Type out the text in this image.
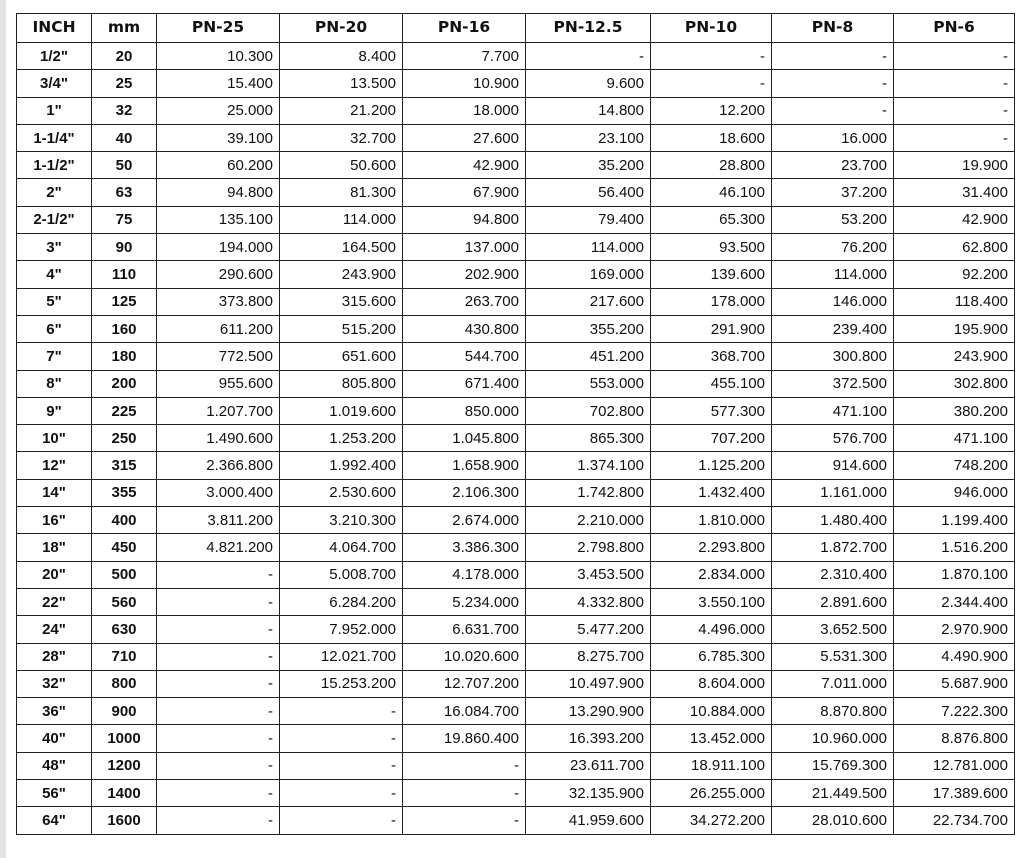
INCH	mm	PN-25	PN-20	PN-16	PN-12.5	PN-10	PN-8	PN-6
1/2"	20	10.300	8.400	7.700	-	-	-	-
3/4"	25	15.400	13.500	10.900	9.600	-	-	-
1"	32	25.000	21.200	18.000	14.800	12.200	-	-
1-1/4"	40	39.100	32.700	27.600	23.100	18.600	16.000	-
1-1/2"	50	60.200	50.600	42.900	35.200	28.800	23.700	19.900
2"	63	94.800	81.300	67.900	56.400	46.100	37.200	31.400
2-1/2"	75	135.100	114.000	94.800	79.400	65.300	53.200	42.900
3"	90	194.000	164.500	137.000	114.000	93.500	76.200	62.800
4"	110	290.600	243.900	202.900	169.000	139.600	114.000	92.200
5"	125	373.800	315.600	263.700	217.600	178.000	146.000	118.400
6"	160	611.200	515.200	430.800	355.200	291.900	239.400	195.900
7"	180	772.500	651.600	544.700	451.200	368.700	300.800	243.900
8"	200	955.600	805.800	671.400	553.000	455.100	372.500	302.800
9"	225	1.207.700	1.019.600	850.000	702.800	577.300	471.100	380.200
10"	250	1.490.600	1.253.200	1.045.800	865.300	707.200	576.700	471.100
12"	315	2.366.800	1.992.400	1.658.900	1.374.100	1.125.200	914.600	748.200
14"	355	3.000.400	2.530.600	2.106.300	1.742.800	1.432.400	1.161.000	946.000
16"	400	3.811.200	3.210.300	2.674.000	2.210.000	1.810.000	1.480.400	1.199.400
18"	450	4.821.200	4.064.700	3.386.300	2.798.800	2.293.800	1.872.700	1.516.200
20"	500	-	5.008.700	4.178.000	3.453.500	2.834.000	2.310.400	1.870.100
22"	560	-	6.284.200	5.234.000	4.332.800	3.550.100	2.891.600	2.344.400
24"	630	-	7.952.000	6.631.700	5.477.200	4.496.000	3.652.500	2.970.900
28"	710	-	12.021.700	10.020.600	8.275.700	6.785.300	5.531.300	4.490.900
32"	800	-	15.253.200	12.707.200	10.497.900	8.604.000	7.011.000	5.687.900
36"	900	-	-	16.084.700	13.290.900	10.884.000	8.870.800	7.222.300
40"	1000	-	-	19.860.400	16.393.200	13.452.000	10.960.000	8.876.800
48"	1200	-	-	-	23.611.700	18.911.100	15.769.300	12.781.000
56"	1400	-	-	-	32.135.900	26.255.000	21.449.500	17.389.600
64"	1600	-	-	-	41.959.600	34.272.200	28.010.600	22.734.700
